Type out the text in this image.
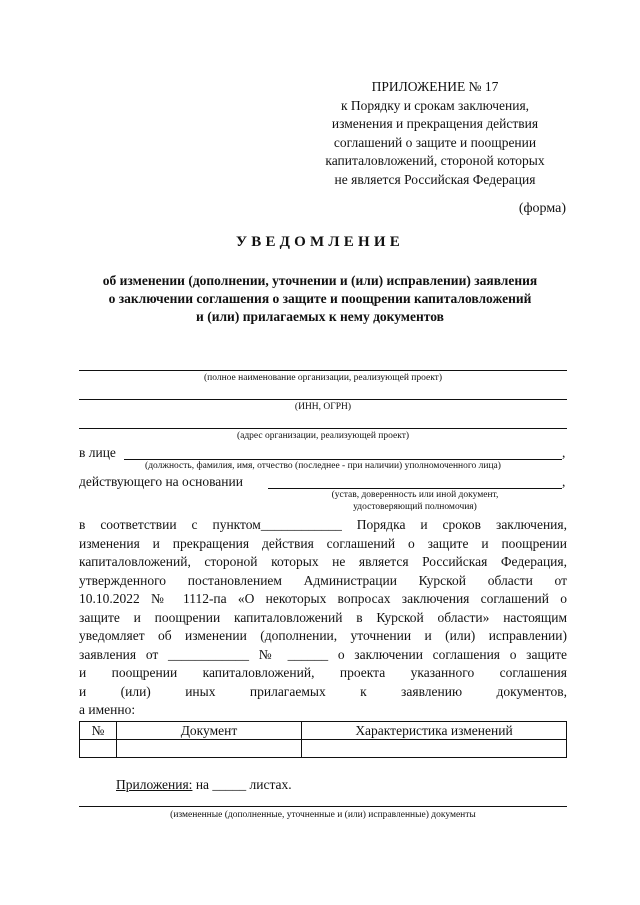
ПРИЛОЖЕНИЕ № 17
к Порядку и срокам заключения,
изменения и прекращения действия
соглашений о защите и поощрении
капиталовложений, стороной которых
не является Российская Федерация
(форма)
УВЕДОМЛЕНИЕ
об изменении (дополнении, уточнении и (или) исправлении) заявления
о заключении соглашения о защите и поощрении капиталовложений
и (или) прилагаемых к нему документов
(полное наименование организации, реализующей проект)
(ИНН, ОГРН)
(адрес организации, реализующей проект)
в лице	,
(должность, фамилия, имя, отчество (последнее - при наличии) уполномоченного лица)
действующего на основании	,
(устав, доверенность или иной документ,
удостоверяющий полномочия)
в соответствии с пунктом____________ Порядка и сроков заключения,
изменения и прекращения действия соглашений о защите и поощрении
капиталовложений, стороной которых не является Российская Федерация,
утвержденного постановлением Администрации Курской области от
10.10.2022 № 1112-па «О некоторых вопросах заключения соглашений о
защите и поощрении капиталовложений в Курской области» настоящим
уведомляет об изменении (дополнении, уточнении и (или) исправлении)
заявления от ____________ № ______ о заключении соглашения о защите
и поощрении капиталовложений, проекта указанного соглашения
и (или) иных прилагаемых к заявлению документов,
а именно:
№	Документ	Характеристика изменений

Приложения: на _____ листах.
(измененные (дополненные, уточненные и (или) исправленные) документы
